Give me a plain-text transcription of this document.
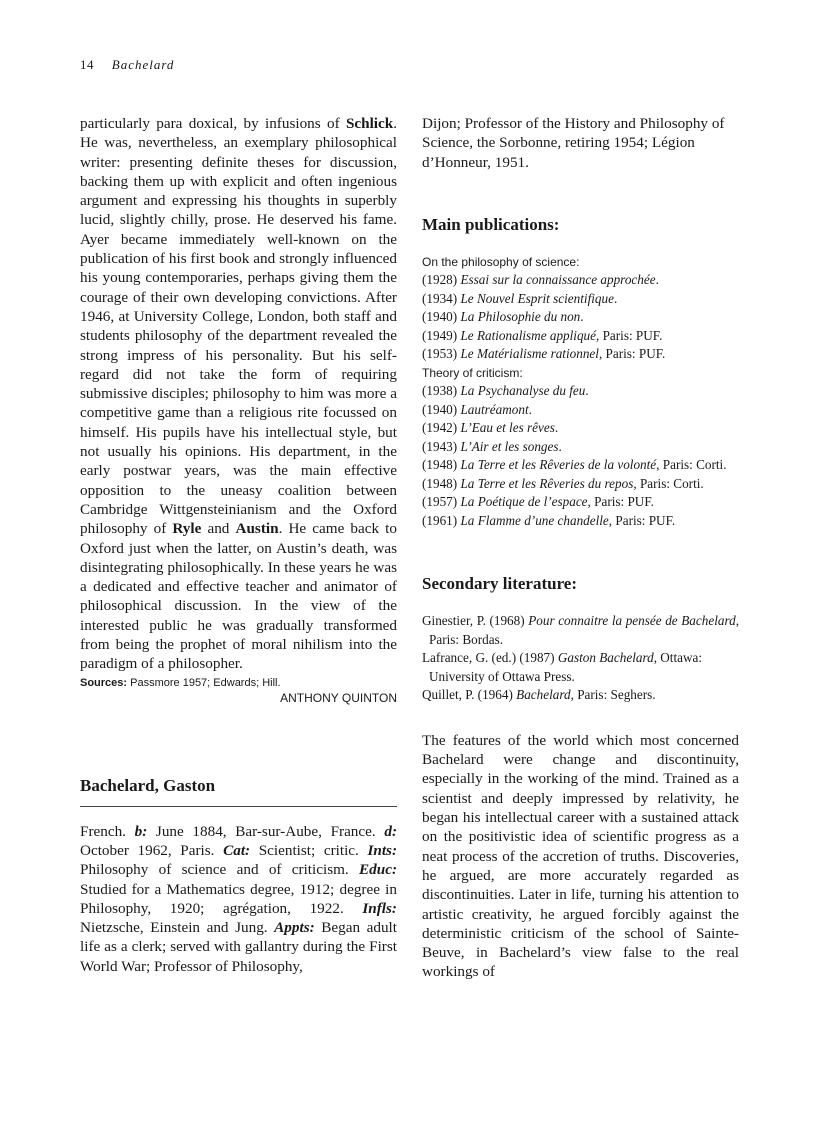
14 Bachelard

particularly para doxical, by infusions of Schlick. He was, nevertheless, an exemplary philosophical writer: presenting definite theses for discussion, backing them up with explicit and often ingenious argument and expressing his thoughts in superbly lucid, slightly chilly, prose. He deserved his fame. Ayer became immediately well-known on the publication of his first book and strongly influenced his young contemporaries, perhaps giving them the courage of their own developing convictions. After 1946, at University College, London, both staff and students philosophy of the department revealed the strong impress of his personality. But his self-regard did not take the form of requiring submissive disciples; philosophy to him was more a competitive game than a religious rite focussed on himself. His pupils have his intellectual style, but not usually his opinions. His department, in the early postwar years, was the main effective opposition to the uneasy coalition between Cambridge Wittgensteinianism and the Oxford philosophy of Ryle and Austin. He came back to Oxford just when the latter, on Austin’s death, was disintegrating philosophically. In these years he was a dedicated and effective teacher and animator of philosophical discussion. In the view of the interested public he was gradually transformed from being the prophet of moral nihilism into the paradigm of a philosopher.

Sources: Passmore 1957; Edwards; Hill.
ANTHONY QUINTON
Bachelard, Gaston

French. b: June 1884, Bar-sur-Aube, France. d: October 1962, Paris. Cat: Scientist; critic. Ints: Philosophy of science and of criticism. Educ: Studied for a Mathematics degree, 1912; degree in Philosophy, 1920; agrégation, 1922. Infls: Nietzsche, Einstein and Jung. Appts: Began adult life as a clerk; served with gallantry during the First World War; Professor of Philosophy,

Dijon; Professor of the History and Philosophy of Science, the Sorbonne, retiring 1954; Légion d’Honneur, 1951.

Main publications:
On the philosophy of science:
(1928) Essai sur la connaissance approchée.
(1934) Le Nouvel Esprit scientifique.
(1940) La Philosophie du non.
(1949) Le Rationalisme appliqué, Paris: PUF.
(1953) Le Matérialisme rationnel, Paris: PUF.
Theory of criticism:
(1938) La Psychanalyse du feu.
(1940) Lautréamont.
(1942) L’Eau et les rêves.
(1943) L’Air et les songes.
(1948) La Terre et les Rêveries de la volonté, Paris: Corti.
(1948) La Terre et les Rêveries du repos, Paris: Corti.
(1957) La Poétique de l’espace, Paris: PUF.
(1961) La Flamme d’une chandelle, Paris: PUF.
Secondary literature:
Ginestier, P. (1968) Pour connaitre la pensée de Bachelard, Paris: Bordas.
Lafrance, G. (ed.) (1987) Gaston Bachelard, Ottawa: University of Ottawa Press.
Quillet, P. (1964) Bachelard, Paris: Seghers.

The features of the world which most concerned Bachelard were change and discontinuity, especially in the working of the mind. Trained as a scientist and deeply impressed by relativity, he began his intellectual career with a sustained attack on the positivistic idea of scientific progress as a neat process of the accretion of truths. Discoveries, he argued, are more accurately regarded as discontinuities. Later in life, turning his attention to artistic creativity, he argued forcibly against the deterministic criticism of the school of Sainte-Beuve, in Bachelard’s view false to the real workings of
